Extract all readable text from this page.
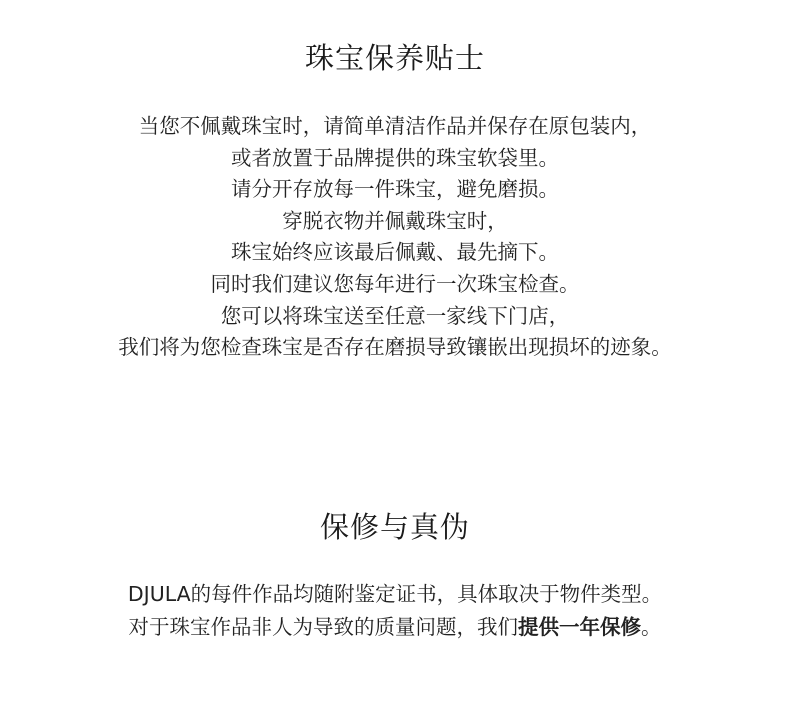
珠宝保养贴士
当您不佩戴珠宝时，请简单清洁作品并保存在原包装内，
或者放置于品牌提供的珠宝软袋里。
请分开存放每一件珠宝，避免磨损。
穿脱衣物并佩戴珠宝时，
珠宝始终应该最后佩戴、最先摘下。
同时我们建议您每年进行一次珠宝检查。
您可以将珠宝送至任意一家线下门店，
我们将为您检查珠宝是否存在磨损导致镶嵌出现损坏的迹象。
保修与真伪
DJULA的每件作品均随附鉴定证书，具体取决于物件类型。
对于珠宝作品非人为导致的质量问题，我们提供一年保修。
